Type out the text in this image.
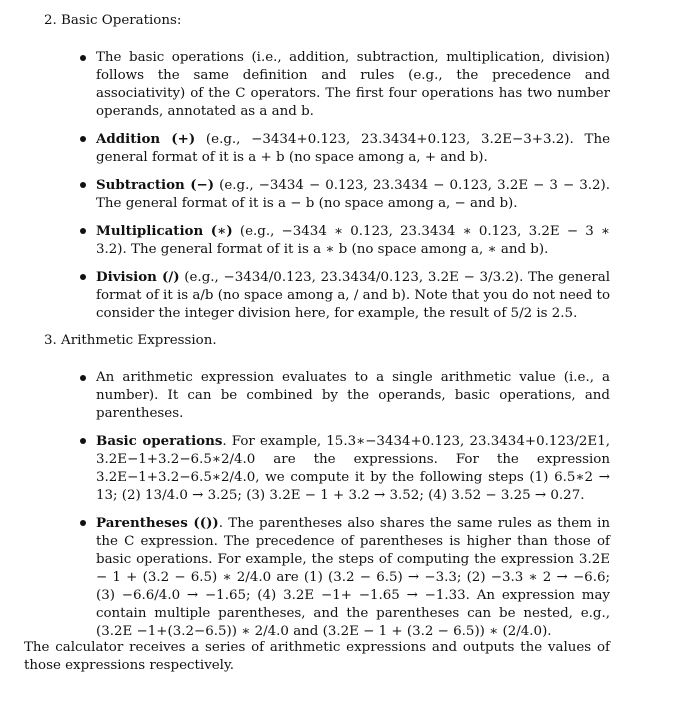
2. Basic Operations:
The basic operations (i.e., addition, subtraction, multiplication, division) follows the same definition and rules (e.g., the precedence and associativity) of the C operators. The first four operations has two number operands, annotated as a and b.
Addition (+) (e.g., −3434+0.123, 23.3434+0.123, 3.2E−3+3.2). The general format of it is a + b (no space among a, + and b).
Subtraction (−) (e.g., −3434 − 0.123, 23.3434 − 0.123, 3.2E − 3 − 3.2). The general format of it is a − b (no space among a, − and b).
Multiplication (∗) (e.g., −3434 ∗ 0.123, 23.3434 ∗ 0.123, 3.2E − 3 ∗ 3.2). The general format of it is a ∗ b (no space among a, ∗ and b).
Division (/) (e.g., −3434/0.123, 23.3434/0.123, 3.2E − 3/3.2). The general format of it is a/b (no space among a, / and b). Note that you do not need to consider the integer division here, for example, the result of 5/2 is 2.5.
3. Arithmetic Expression.
An arithmetic expression evaluates to a single arithmetic value (i.e., a number). It can be combined by the operands, basic operations, and parentheses.
Basic operations. For example, 15.3∗−3434+0.123, 23.3434+0.123/2E1, 3.2E−1+3.2−6.5∗2/4.0 are the expressions. For the expression 3.2E−1+3.2−6.5∗2/4.0, we compute it by the following steps (1) 6.5∗2 → 13; (2) 13/4.0 → 3.25; (3) 3.2E − 1 + 3.2 → 3.52; (4) 3.52 − 3.25 → 0.27.
Parentheses (()). The parentheses also shares the same rules as them in the C expression. The precedence of parentheses is higher than those of basic operations. For example, the steps of computing the expression 3.2E − 1 + (3.2 − 6.5) ∗ 2/4.0 are (1) (3.2 − 6.5) → −3.3; (2) −3.3 ∗ 2 → −6.6; (3) −6.6/4.0 → −1.65; (4) 3.2E −1+ −1.65 → −1.33. An expression may contain multiple parentheses, and the parentheses can be nested, e.g., (3.2E −1+(3.2−6.5)) ∗ 2/4.0 and (3.2E − 1 + (3.2 − 6.5)) ∗ (2/4.0).
The calculator receives a series of arithmetic expressions and outputs the values of those expressions respectively.
